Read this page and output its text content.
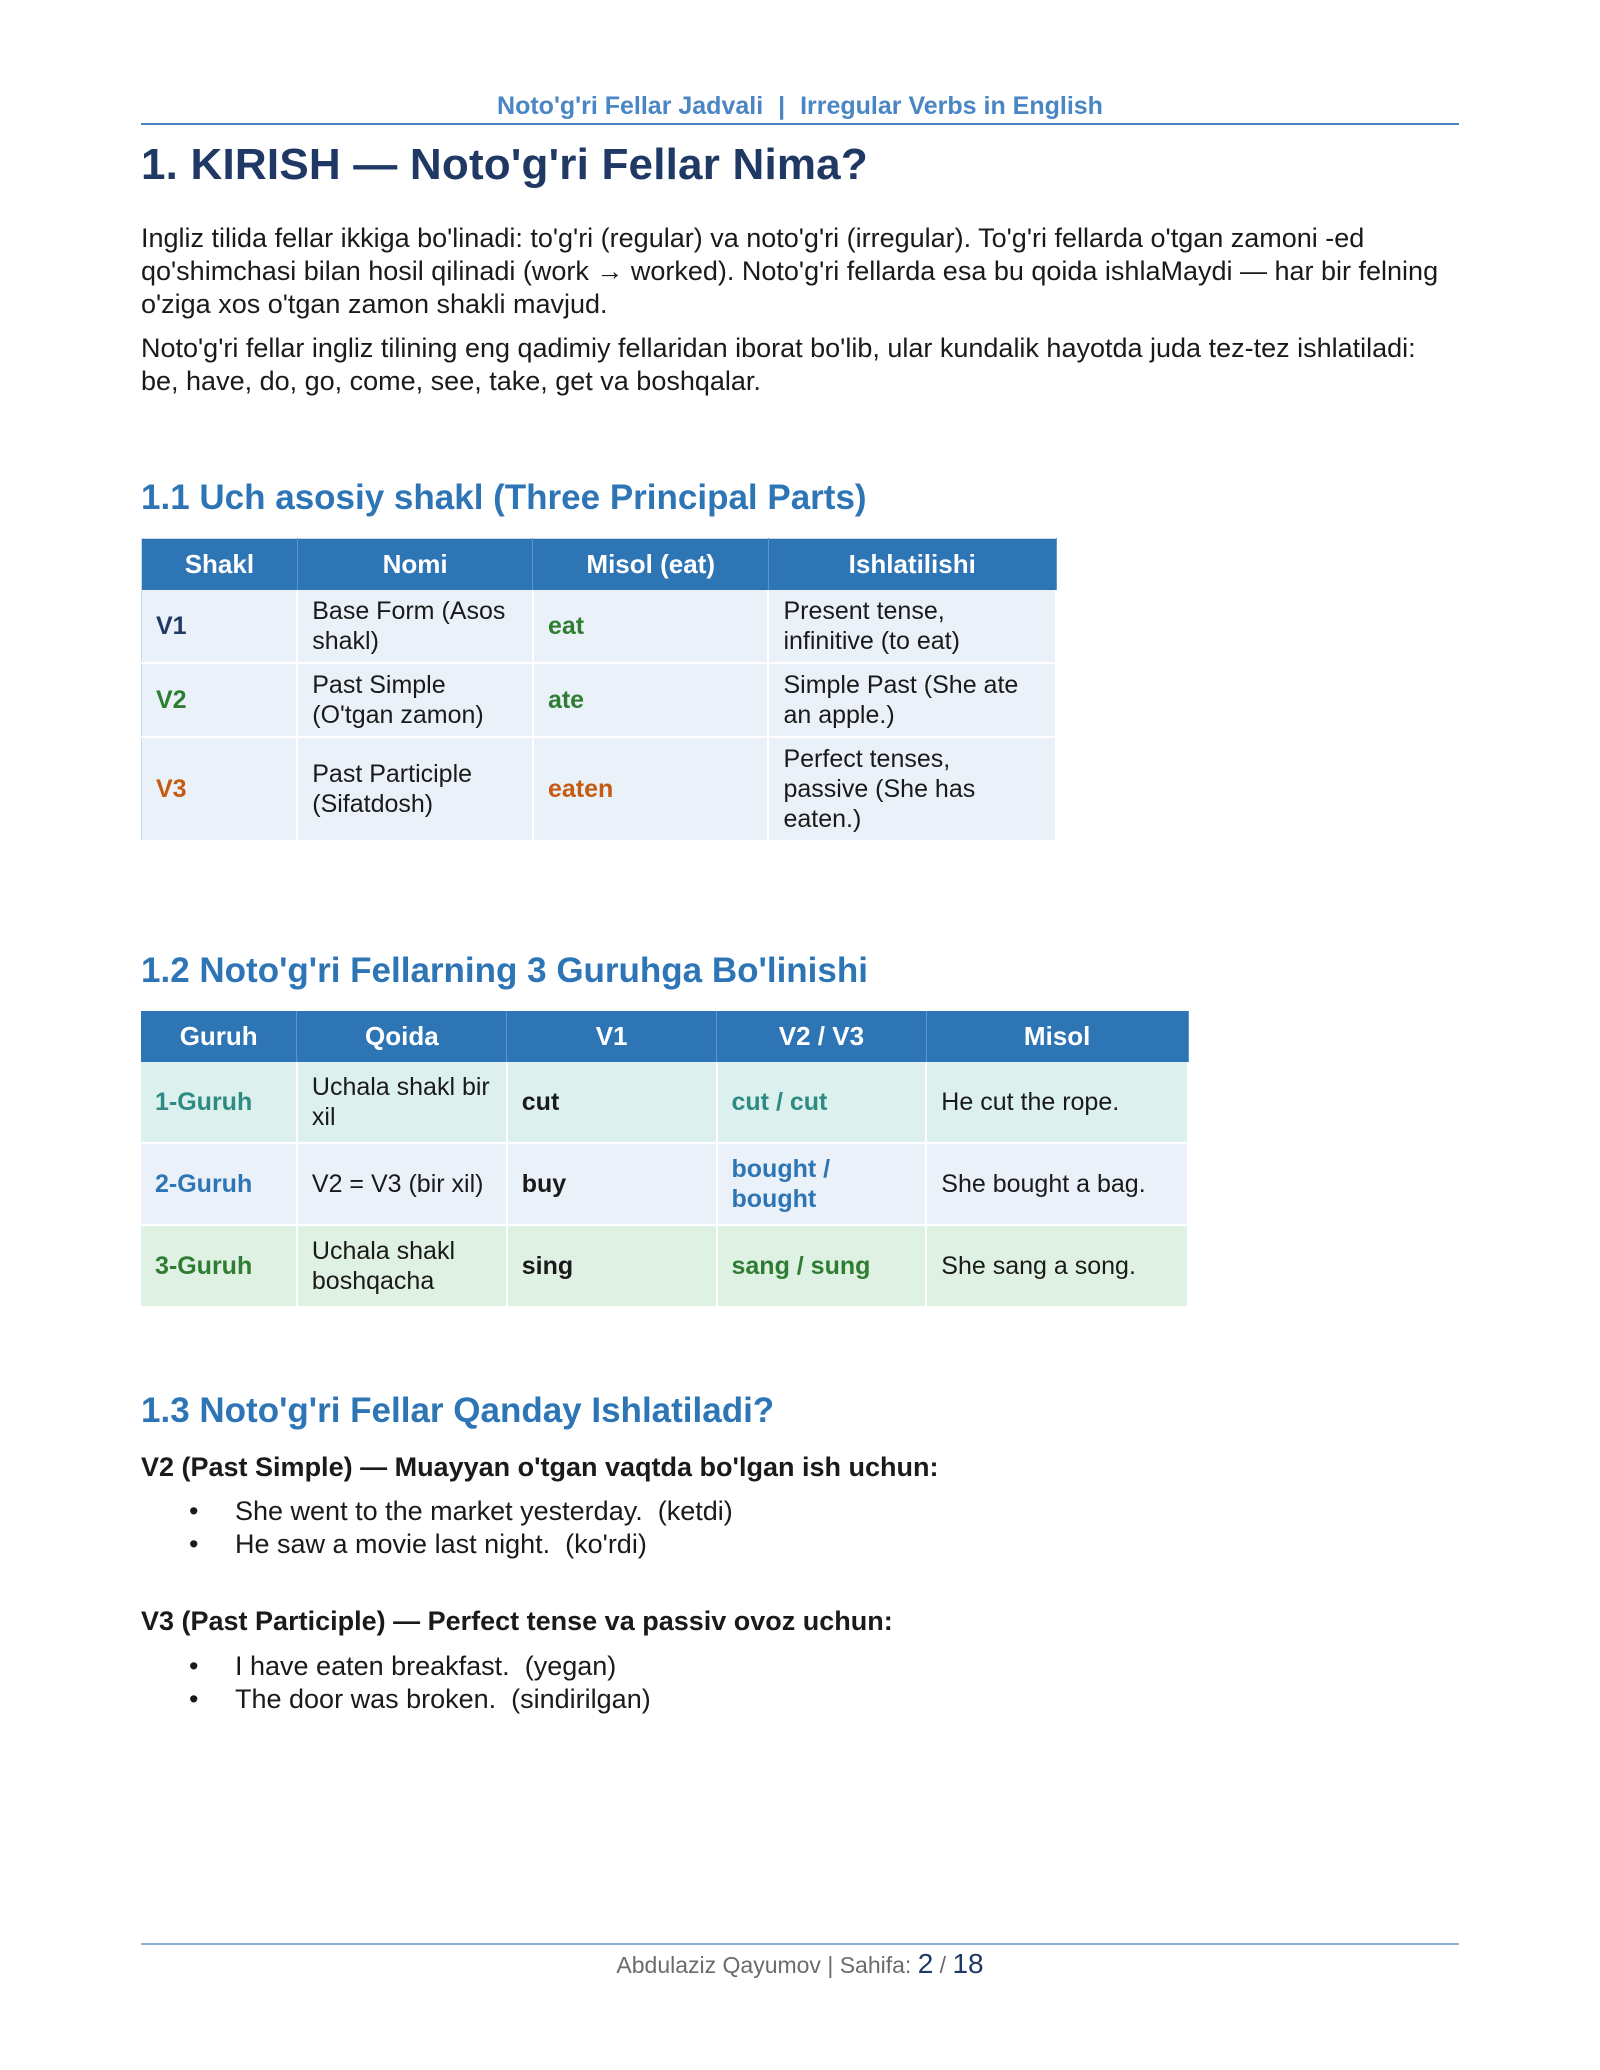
Noto'g'ri Fellar Jadvali | Irregular Verbs in English
1. KIRISH — Noto'g'ri Fellar Nima?

Ingliz tilida fellar ikkiga bo'linadi: to'g'ri (regular) va noto'g'ri (irregular). To'g'ri fellarda o'tgan zamoni -ed qo'shimchasi bilan hosil qilinadi (work → worked). Noto'g'ri fellarda esa bu qoida ishlaMaydi — har bir felning o'ziga xos o'tgan zamon shakli mavjud.

Noto'g'ri fellar ingliz tilining eng qadimiy fellaridan iborat bo'lib, ular kundalik hayotda juda tez-tez ishlatiladi: be, have, do, go, come, see, take, get va boshqalar.

1.1 Uch asosiy shakl (Three Principal Parts)
Shakl	Nomi	Misol (eat)	Ishlatilishi
V1	Base Form (Asos shakl)	eat	Present tense, infinitive (to eat)
V2	Past Simple (O'tgan zamon)	ate	Simple Past (She ate an apple.)
V3	Past Participle (Sifatdosh)	eaten	Perfect tenses, passive (She has eaten.)
1.2 Noto'g'ri Fellarning 3 Guruhga Bo'linishi
Guruh	Qoida	V1	V2 / V3	Misol
1-Guruh	Uchala shakl bir xil	cut	cut / cut	He cut the rope.
2-Guruh	V2 = V3 (bir xil)	buy	bought / bought	She bought a bag.
3-Guruh	Uchala shakl boshqacha	sing	sang / sung	She sang a song.
1.3 Noto'g'ri Fellar Qanday Ishlatiladi?

V2 (Past Simple) — Muayyan o'tgan vaqtda bo'lgan ish uchun:

• She went to the market yesterday. (ketdi)
• He saw a movie last night. (ko'rdi)

V3 (Past Participle) — Perfect tense va passiv ovoz uchun:

• I have eaten breakfast. (yegan)
• The door was broken. (sindirilgan)
Abdulaziz Qayumov | Sahifa: 2 / 18
